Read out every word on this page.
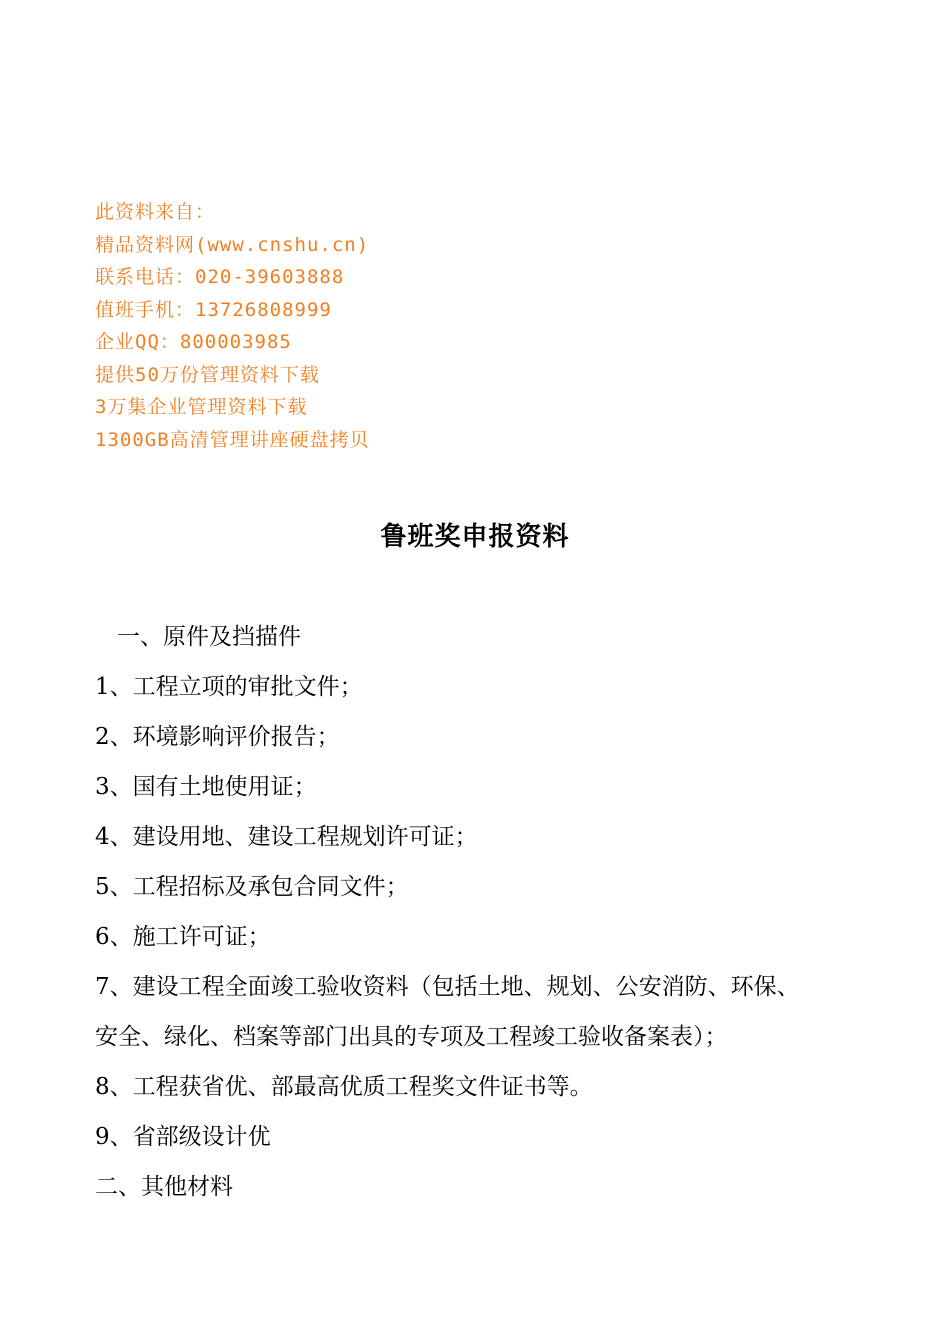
此资料来自：
精品资料网(www.cnshu.cn)
联系电话：020-39603888
值班手机：13726808999
企业QQ：800003985
提供50万份管理资料下载
3万集企业管理资料下载
1300GB高清管理讲座硬盘拷贝
鲁班奖申报资料
一、原件及挡描件
1、工程立项的审批文件；
2、环境影响评价报告；
3、国有土地使用证；
4、建设用地、建设工程规划许可证；
5、工程招标及承包合同文件；
6、施工许可证；
7、建设工程全面竣工验收资料（包括土地、规划、公安消防、环保、
安全、绿化、档案等部门出具的专项及工程竣工验收备案表）；
8、工程获省优、部最高优质工程奖文件证书等。
9、省部级设计优
二、其他材料
